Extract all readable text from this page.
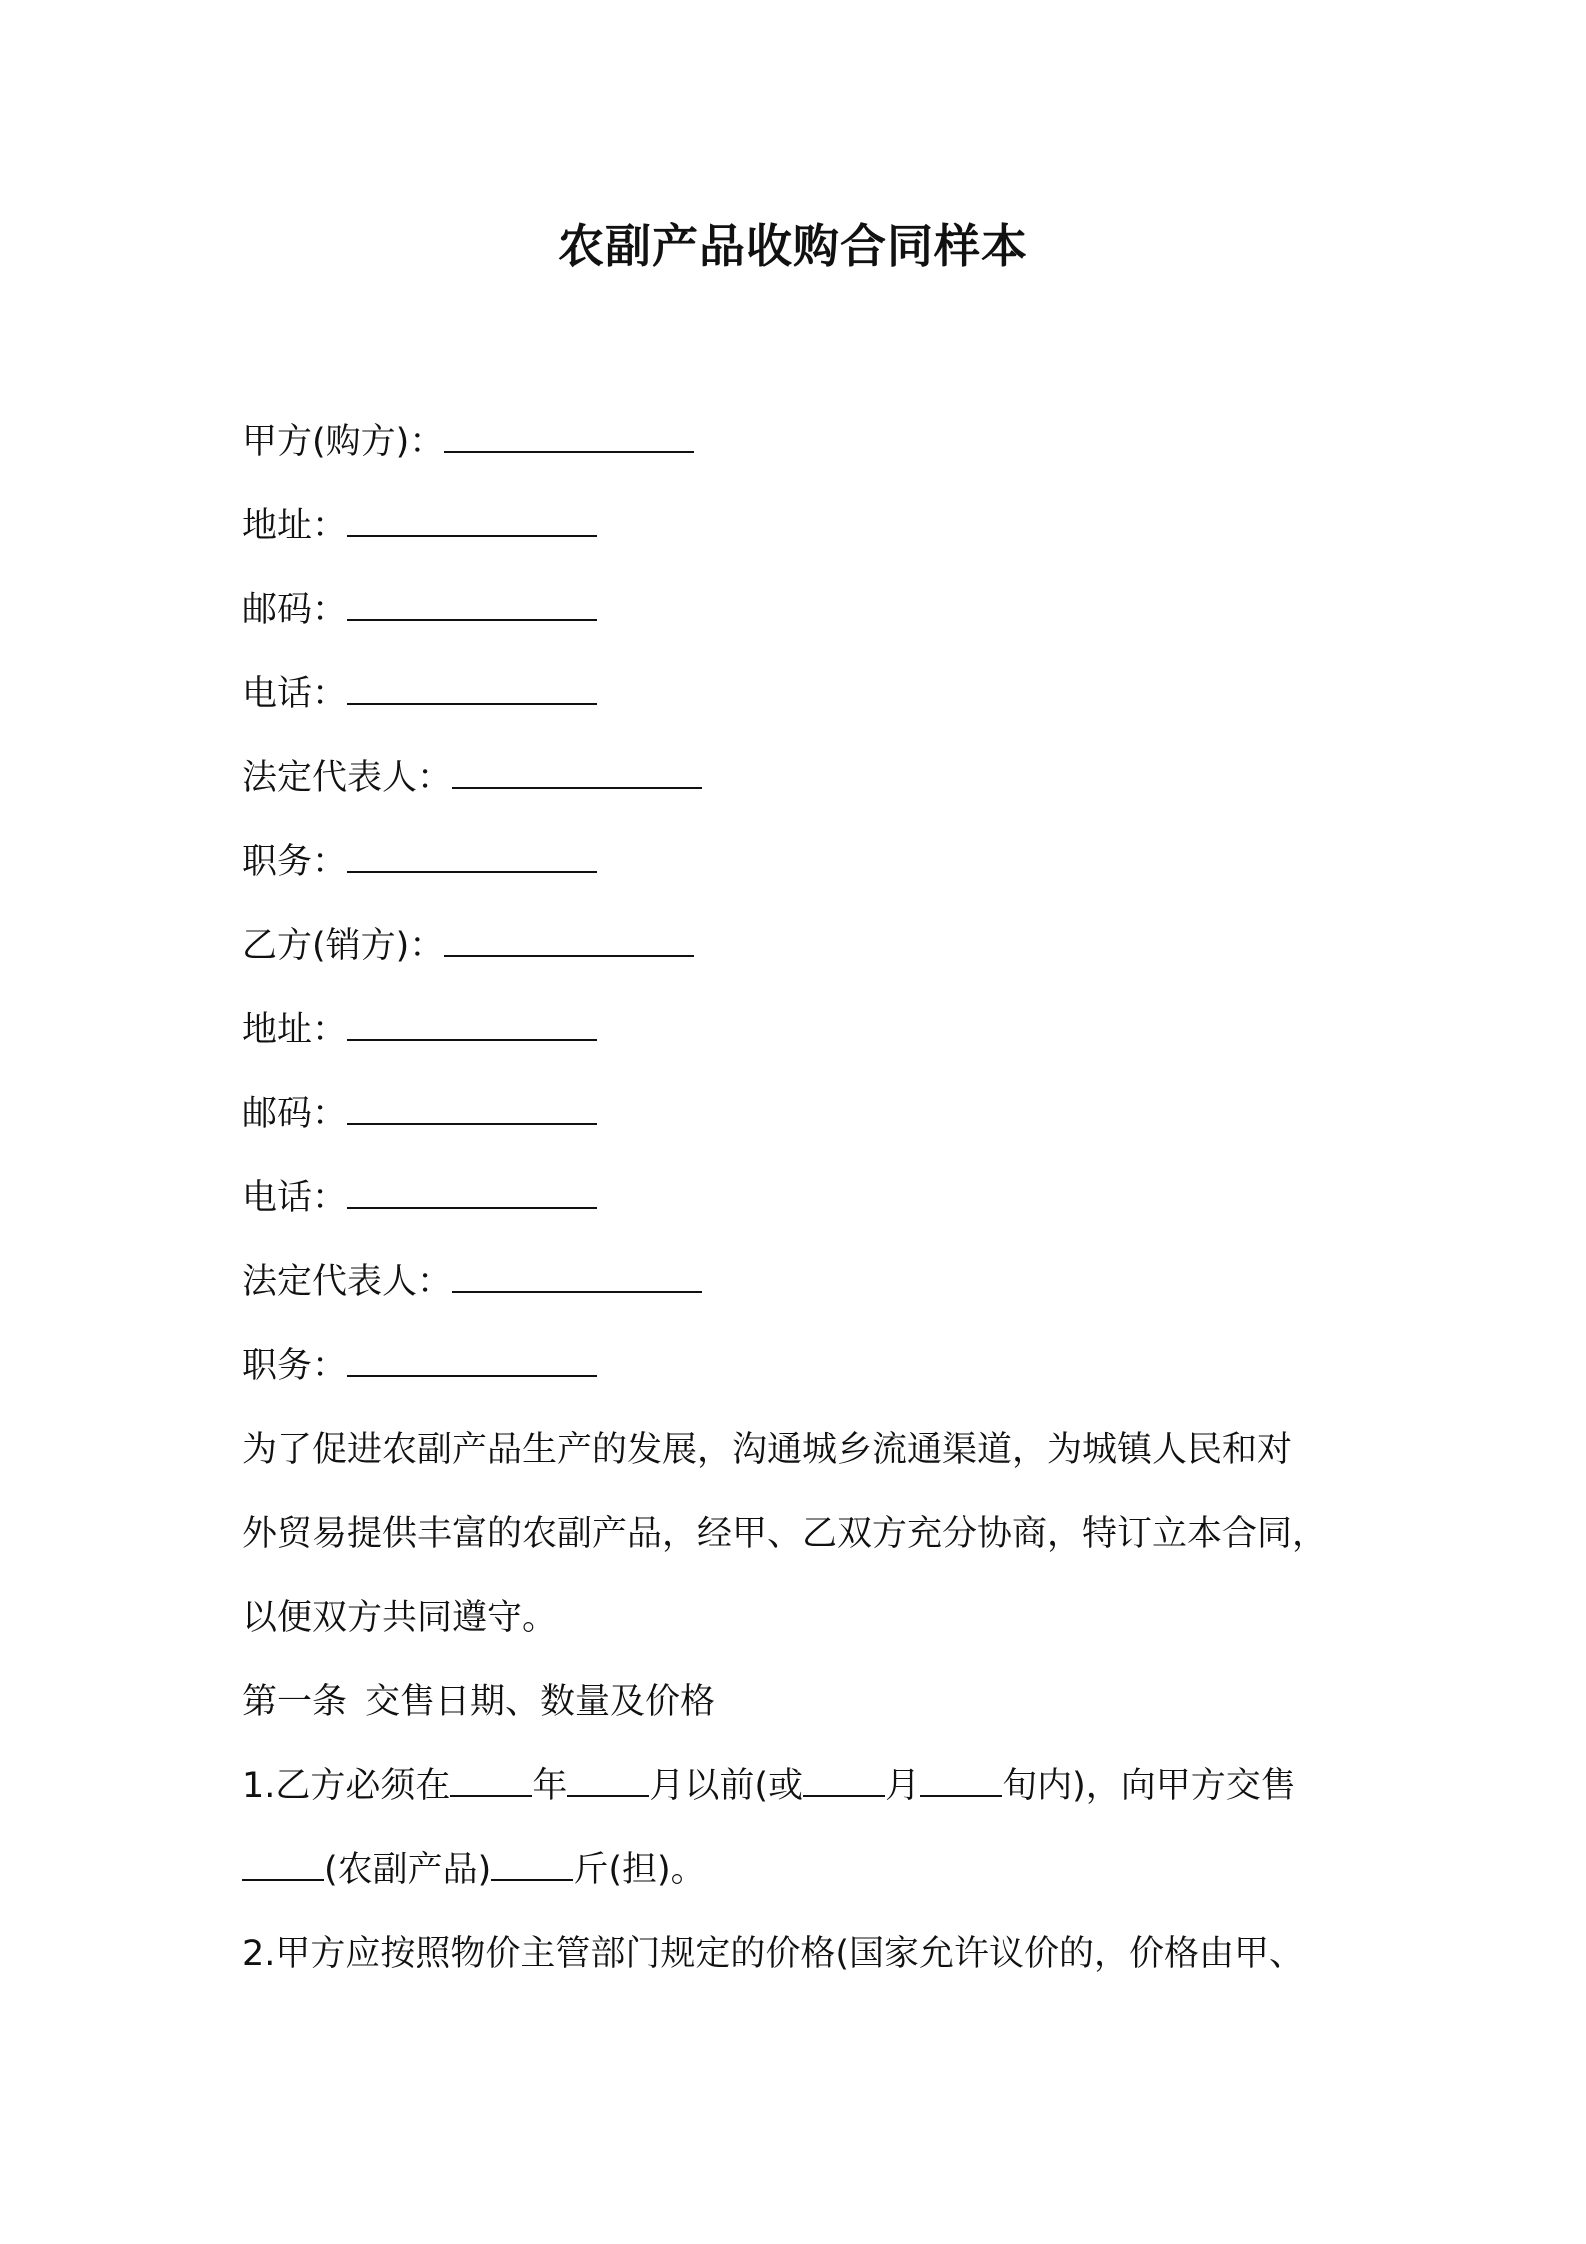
农副产品收购合同样本
甲方(购方)：
地址：
邮码：
电话：
法定代表人：
职务：
乙方(销方)：
地址：
邮码：
电话：
法定代表人：
职务：
为了促进农副产品生产的发展，沟通城乡流通渠道，为城镇人民和对
外贸易提供丰富的农副产品，经甲、乙双方充分协商，特订立本合同，
以便双方共同遵守。
第一条 交售日期、数量及价格
1.乙方必须在 年 月以前(或 月 旬内)，向甲方交售
(农副产品) 斤(担)。
2.甲方应按照物价主管部门规定的价格(国家允许议价的，价格由甲、
